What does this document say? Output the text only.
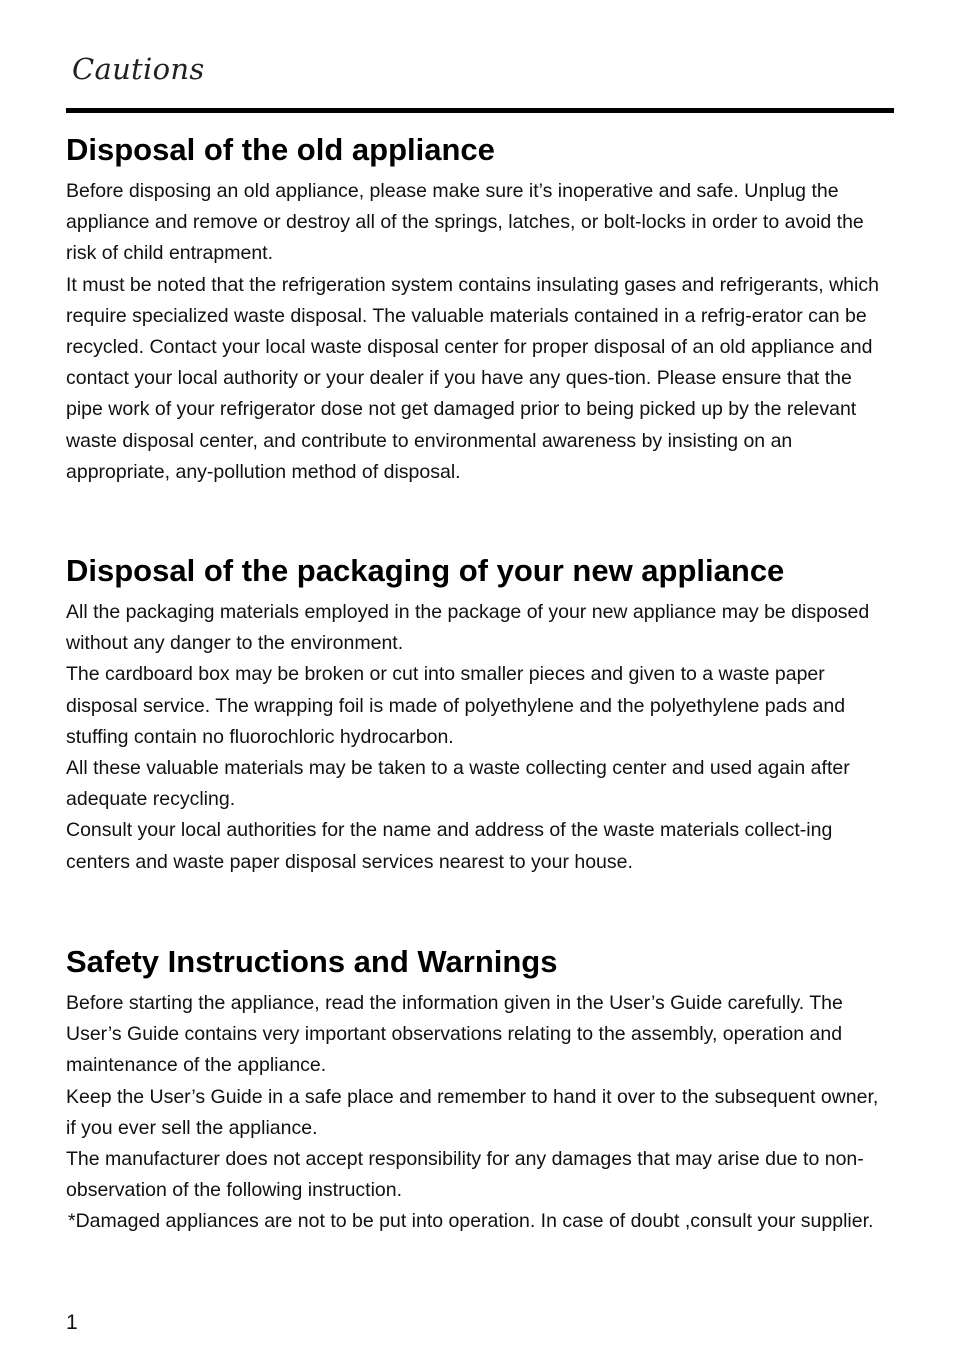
Cautions
Disposal of the old appliance

Before disposing an old appliance, please make sure it’s inoperative and safe. Unplug the appliance and remove or destroy all of the springs, latches, or bolt-locks in order to avoid the risk of child entrapment.

It must be noted that the refrigeration system contains insulating gases and refrigerants, which require specialized waste disposal. The valuable materials contained in a refrig-erator can be recycled. Contact your local waste disposal center for proper disposal of an old appliance and contact your local authority or your dealer if you have any ques-tion. Please ensure that the pipe work of your refrigerator dose not get damaged prior to being picked up by the relevant waste disposal center, and contribute to environmental awareness by insisting on an appropriate, any-pollution method of disposal.

Disposal of the packaging of your new appliance

All the packaging materials employed in the package of your new appliance may be disposed without any danger to the environment.

The cardboard box may be broken or cut into smaller pieces and given to a waste paper disposal service. The wrapping foil is made of polyethylene and the polyethylene pads and stuffing contain no fluorochloric hydrocarbon.

All these valuable materials may be taken to a waste collecting center and used again after adequate recycling.

Consult your local authorities for the name and address of the waste materials collect-ing centers and waste paper disposal services nearest to your house.

Safety Instructions and Warnings

Before starting the appliance, read the information given in the User’s Guide carefully. The User’s Guide contains very important observations relating to the assembly, operation and maintenance of the appliance.

Keep the User’s Guide in a safe place and remember to hand it over to the subsequent owner, if you ever sell the appliance.

The manufacturer does not accept responsibility for any damages that may arise due to non-observation of the following instruction.

*Damaged appliances are not to be put into operation. In case of doubt ,consult your supplier.

1
